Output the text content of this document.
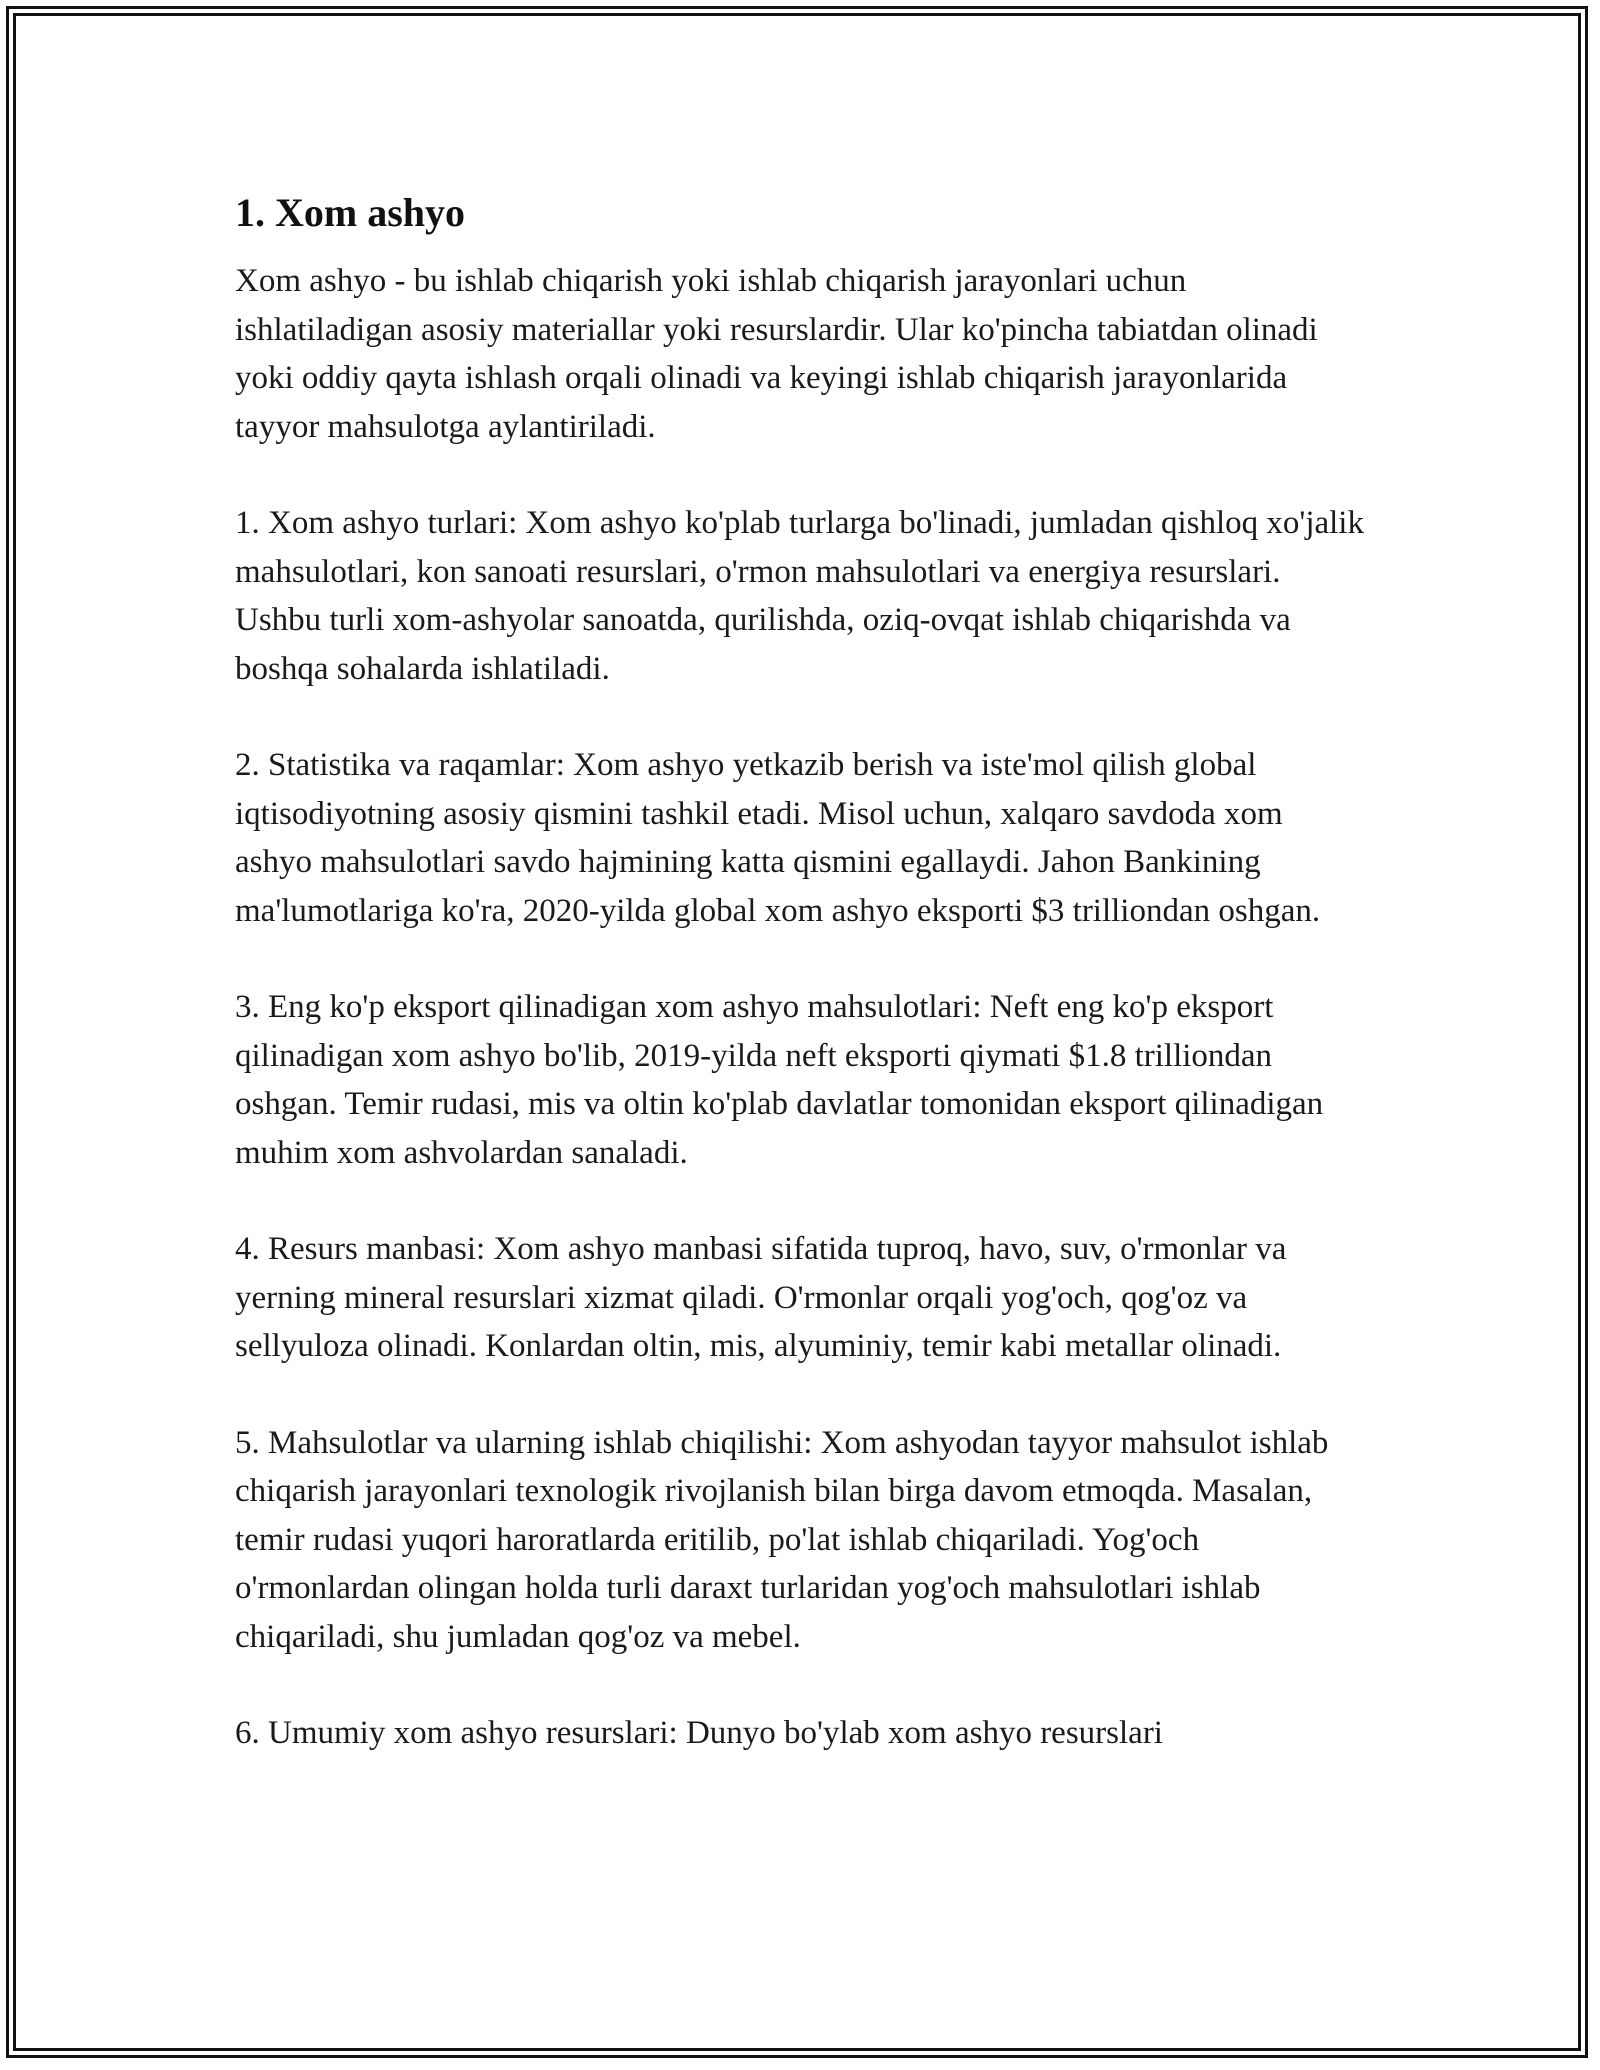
1. Xom ashyo

Xom ashyo - bu ishlab chiqarish yoki ishlab chiqarish jarayonlari uchun ishlatiladigan asosiy materiallar yoki resurslardir. Ular ko'pincha tabiatdan olinadi yoki oddiy qayta ishlash orqali olinadi va keyingi ishlab chiqarish jarayonlarida tayyor mahsulotga aylantiriladi.

1. Xom ashyo turlari: Xom ashyo ko'plab turlarga bo'linadi, jumladan qishloq xo'jalik mahsulotlari, kon sanoati resurslari, o'rmon mahsulotlari va energiya resurslari. Ushbu turli xom-ashyolar sanoatda, qurilishda, oziq-ovqat ishlab chiqarishda va boshqa sohalarda ishlatiladi.

2. Statistika va raqamlar: Xom ashyo yetkazib berish va iste'mol qilish global iqtisodiyotning asosiy qismini tashkil etadi. Misol uchun, xalqaro savdoda xom ashyo mahsulotlari savdo hajmining katta qismini egallaydi. Jahon Bankining ma'lumotlariga ko'ra, 2020-yilda global xom ashyo eksporti $3 trilliondan oshgan.

3. Eng ko'p eksport qilinadigan xom ashyo mahsulotlari: Neft eng ko'p eksport qilinadigan xom ashyo bo'lib, 2019-yilda neft eksporti qiymati $1.8 trilliondan oshgan. Temir rudasi, mis va oltin ko'plab davlatlar tomonidan eksport qilinadigan muhim xom ashvolardan sanaladi.

4. Resurs manbasi: Xom ashyo manbasi sifatida tuproq, havo, suv, o'rmonlar va yerning mineral resurslari xizmat qiladi. O'rmonlar orqali yog'och, qog'oz va sellyuloza olinadi. Konlardan oltin, mis, alyuminiy, temir kabi metallar olinadi.

5. Mahsulotlar va ularning ishlab chiqilishi: Xom ashyodan tayyor mahsulot ishlab chiqarish jarayonlari texnologik rivojlanish bilan birga davom etmoqda. Masalan, temir rudasi yuqori haroratlarda eritilib, po'lat ishlab chiqariladi. Yog'och o'rmonlardan olingan holda turli daraxt turlaridan yog'och mahsulotlari ishlab chiqariladi, shu jumladan qog'oz va mebel.

6. Umumiy xom ashyo resurslari: Dunyo bo'ylab xom ashyo resurslari
